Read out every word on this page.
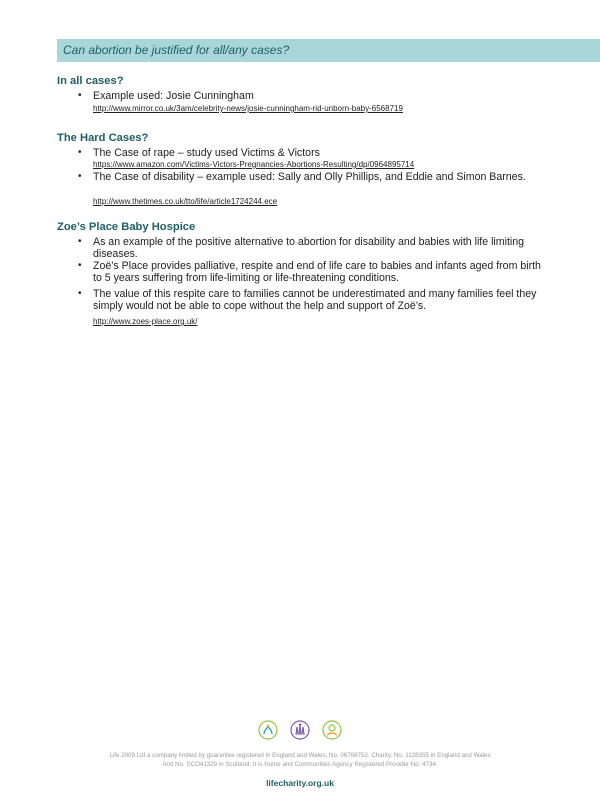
Can abortion be justified for all/any cases?
In all cases?
•	Example used: Josie Cunningham
http://www.mirror.co.uk/3am/celebrity-news/josie-cunningham-rid-unborn-baby-6568719
The Hard Cases?
•	The Case of rape – study used Victims & Victors
https://www.amazon.com/Victims-Victors-Pregnancies-Abortions-Resulting/dp/0964895714
•	The Case of disability – example used: Sally and Olly Phillips, and Eddie and Simon Barnes.
http://www.thetimes.co.uk/tto/life/article1724244.ece
Zoe’s Place Baby Hospice
•	As an example of the positive alternative to abortion for disability and babies with life limiting diseases.
•	Zoë’s Place provides palliative, respite and end of life care to babies and infants aged from birth to 5 years suffering from life-limiting or life-threatening conditions.
•	The value of this respite care to families cannot be underestimated and many families feel they simply would not be able to cope without the help and support of Zoë’s.
http://www.zoes-place.org.uk/
Life 2009 Ltd a company limited by guarantee registered in England and Wales, No. 06788752. Charity. No. 1128355 in England and Wales
And No. SCO41329 in Scotland. It is Home and Communities Agency Registered Provider No. 4734.
lifecharity.org.uk
